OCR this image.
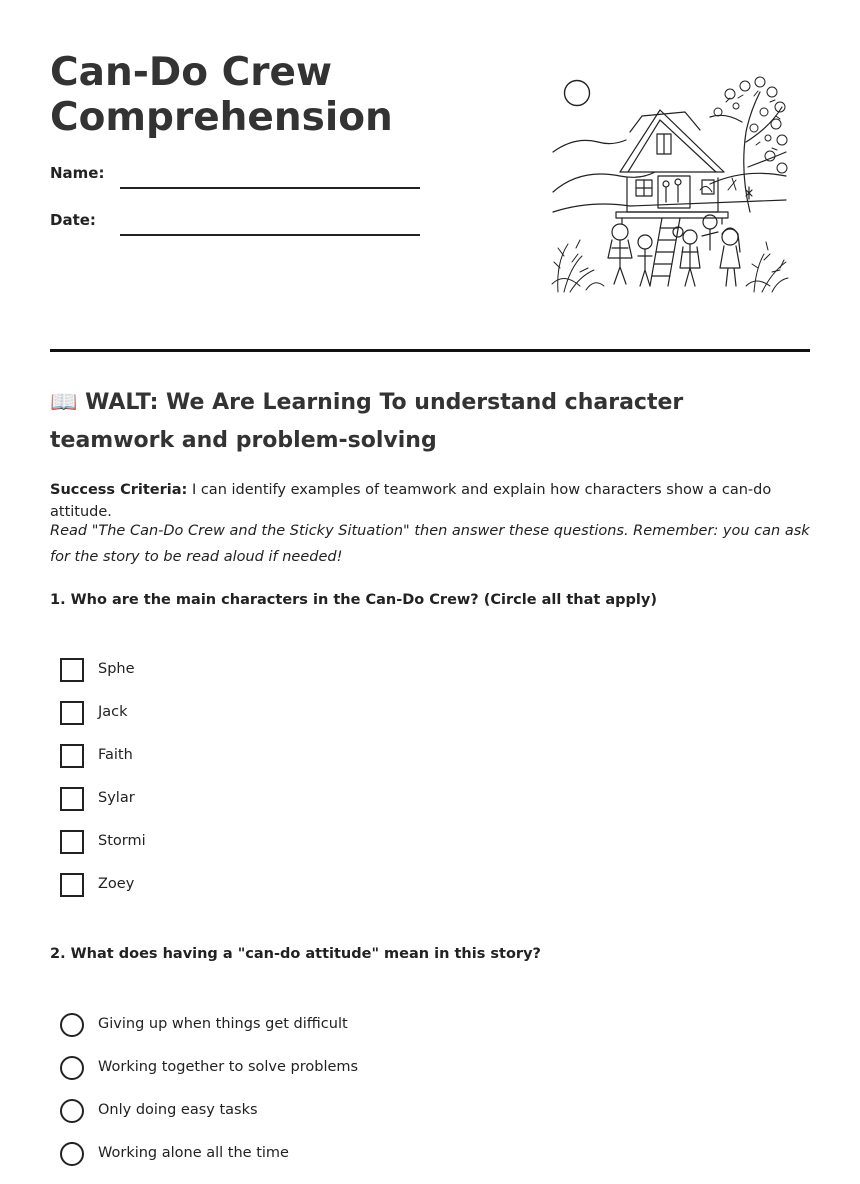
Can-Do Crew Comprehension
Name:
Date:
📖 WALT: We Are Learning To understand character teamwork and problem-solving
Success Criteria: I can identify examples of teamwork and explain how characters show a can-do attitude.
Read "The Can-Do Crew and the Sticky Situation" then answer these questions. Remember: you can ask for the story to be read aloud if needed!
1. Who are the main characters in the Can-Do Crew? (Circle all that apply)
Sphe
Jack
Faith
Sylar
Stormi
Zoey
2. What does having a "can-do attitude" mean in this story?
Giving up when things get difficult
Working together to solve problems
Only doing easy tasks
Working alone all the time
